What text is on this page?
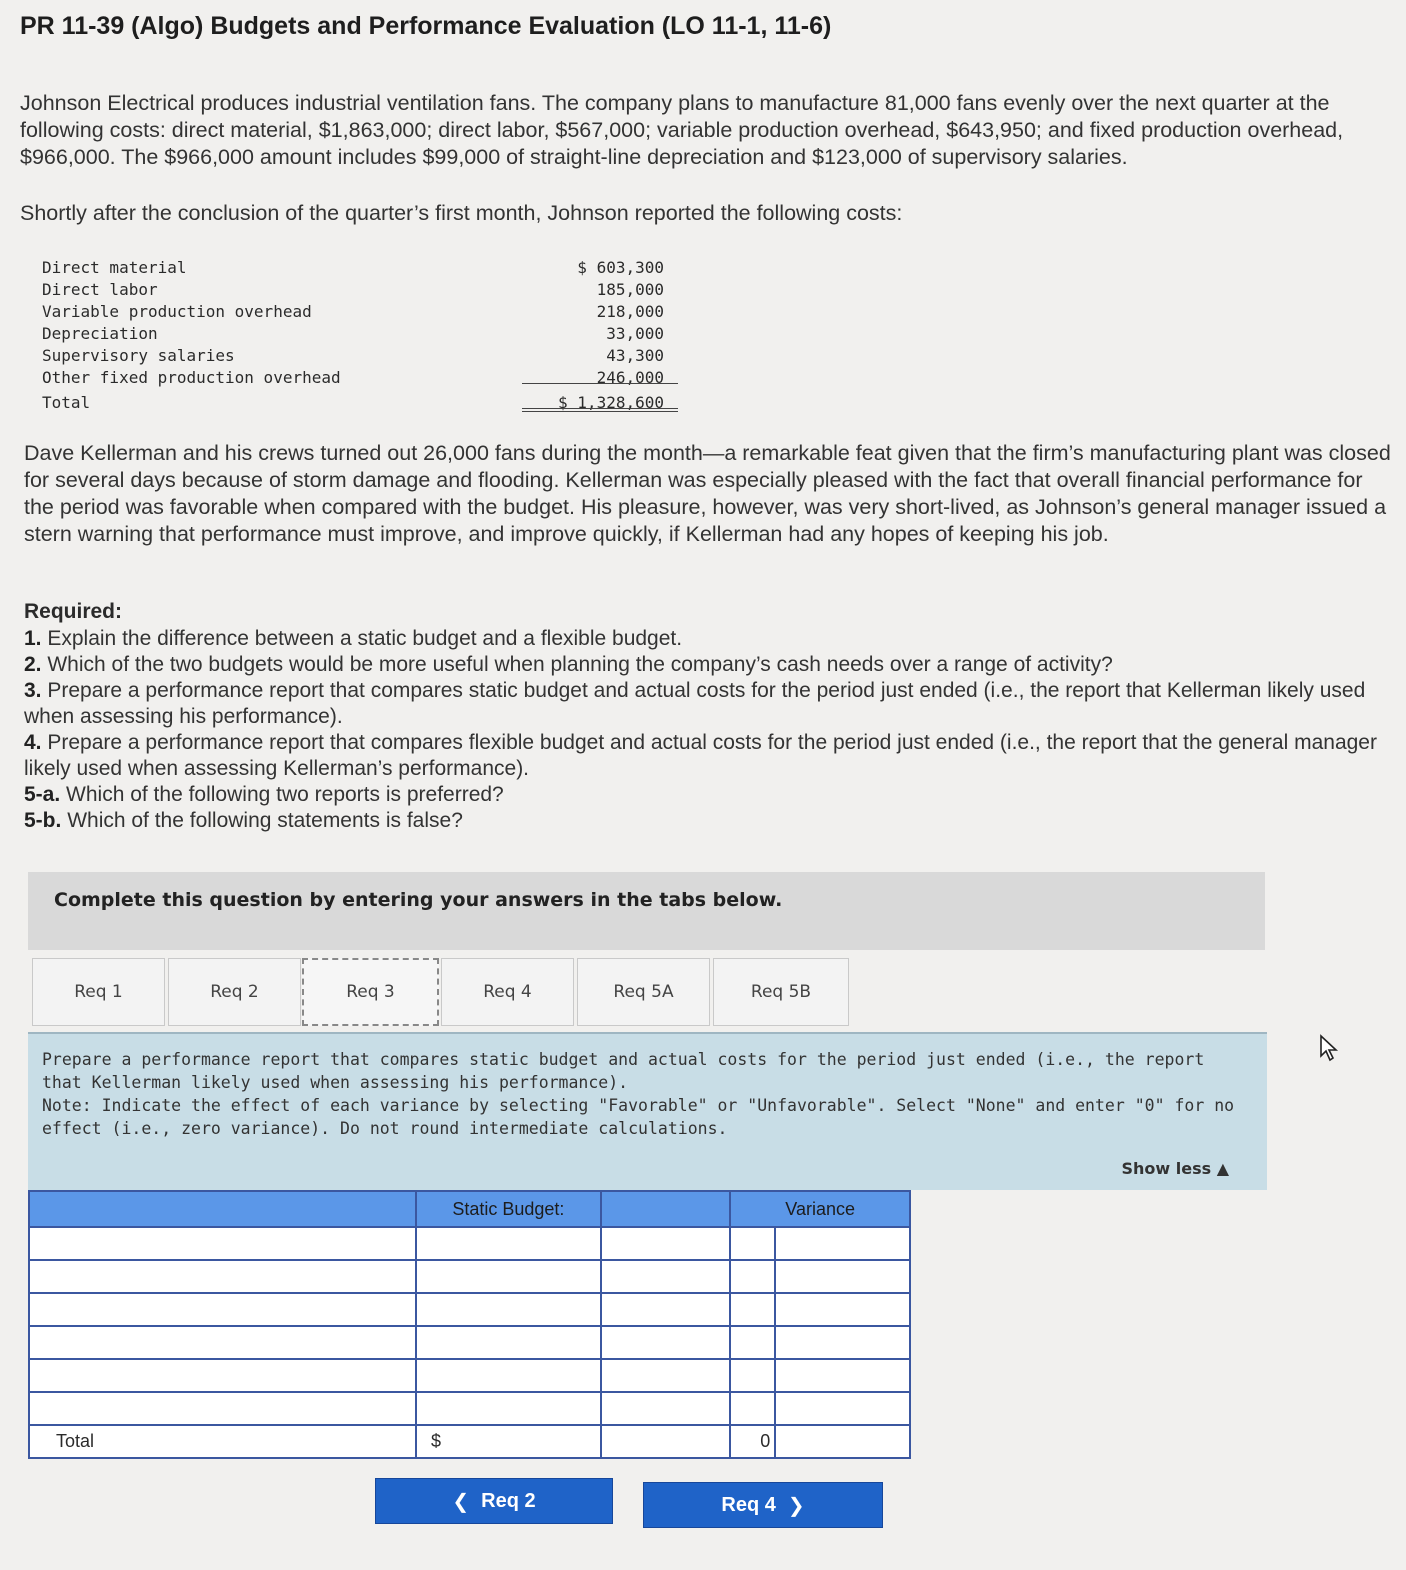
PR 11-39 (Algo) Budgets and Performance Evaluation (LO 11-1, 11-6)
Johnson Electrical produces industrial ventilation fans. The company plans to manufacture 81,000 fans evenly over the next quarter at the following costs: direct material, $1,863,000; direct labor, $567,000; variable production overhead, $643,950; and fixed production overhead, $966,000. The $966,000 amount includes $99,000 of straight-line depreciation and $123,000 of supervisory salaries.
Shortly after the conclusion of the quarter’s first month, Johnson reported the following costs:
Direct material	$ 603,300
Direct labor	185,000
Variable production overhead	218,000
Depreciation	33,000
Supervisory salaries	43,300
Other fixed production overhead	246,000
Total	$ 1,328,600
Dave Kellerman and his crews turned out 26,000 fans during the month—a remarkable feat given that the firm’s manufacturing plant was closed for several days because of storm damage and flooding. Kellerman was especially pleased with the fact that overall financial performance for the period was favorable when compared with the budget. His pleasure, however, was very short-lived, as Johnson’s general manager issued a stern warning that performance must improve, and improve quickly, if Kellerman had any hopes of keeping his job.
Required:
1. Explain the difference between a static budget and a flexible budget.
2. Which of the two budgets would be more useful when planning the company’s cash needs over a range of activity?
3. Prepare a performance report that compares static budget and actual costs for the period just ended (i.e., the report that Kellerman likely used when assessing his performance).
4. Prepare a performance report that compares flexible budget and actual costs for the period just ended (i.e., the report that the general manager likely used when assessing Kellerman’s performance).
5-a. Which of the following two reports is preferred?
5-b. Which of the following statements is false?
Complete this question by entering your answers in the tabs below.
Req 1	Req 2	Req 3	Req 4	Req 5A	Req 5B
Prepare a performance report that compares static budget and actual costs for the period just ended (i.e., the report that Kellerman likely used when assessing his performance).
Note: Indicate the effect of each variance by selecting "Favorable" or "Unfavorable". Select "None" and enter "0" for no effect (i.e., zero variance). Do not round intermediate calculations.
Show less ▲
	Static Budget:		Variance	

Total	$		0	
❮ Req 2	Req 4 ❯
